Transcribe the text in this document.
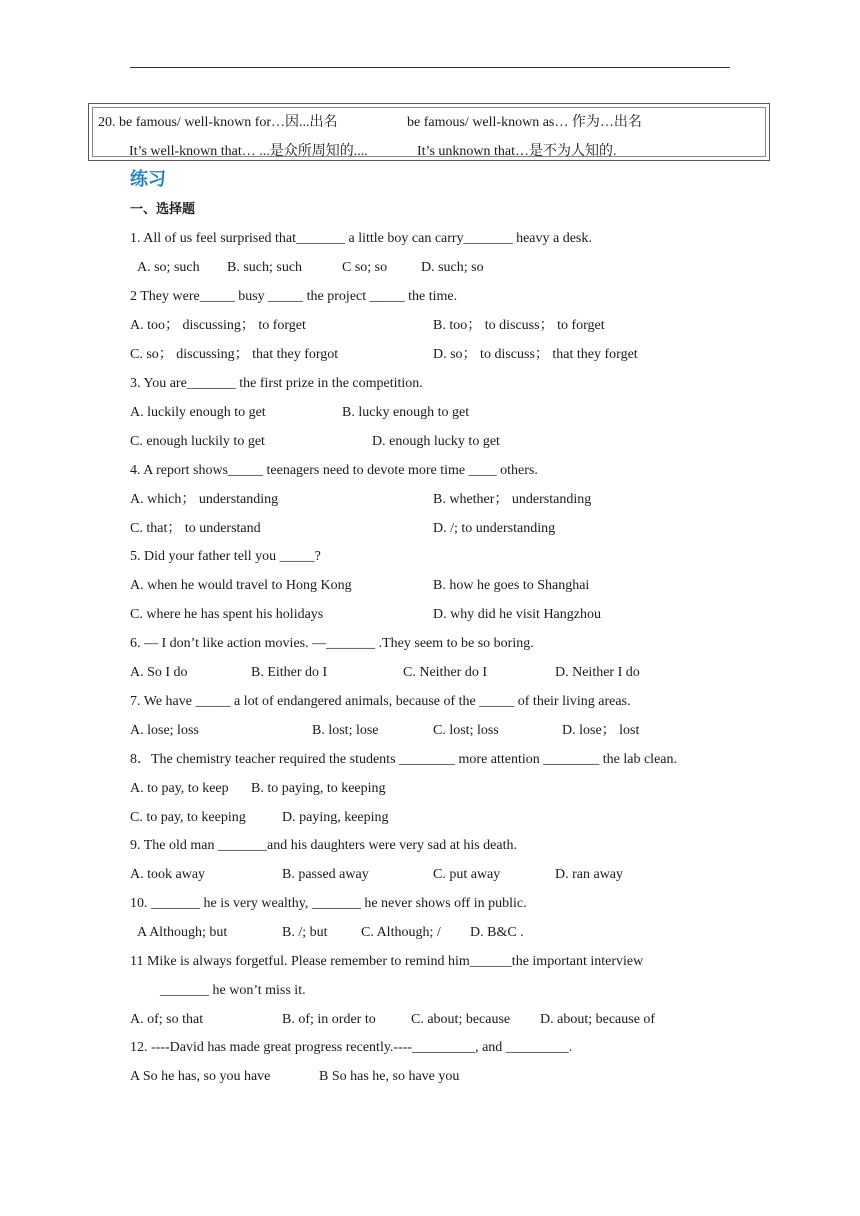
20. be famous/ well-known for…因...出名	be famous/ well-known as… 作为…出名
It’s well-known that… ...是众所周知的....	It’s unknown that…是不为人知的.
练习
一、选择题
1. All of us feel surprised that_______ a little boy can carry_______ heavy a desk.
A. so; such B. such; such	C so; so D. such; so
2 They were_____ busy _____ the project _____ the time.
A. too； discussing； to forget	B. too； to discuss； to forget
C. so； discussing； that they forgot	D. so； to discuss； that they forget
3. You are_______ the first prize in the competition.
A. luckily enough to get	B. lucky enough to get
C. enough luckily to get	D. enough lucky to get
4. A report shows_____ teenagers need to devote more time ____ others.
A. which； understanding	B. whether； understanding
C. that； to understand	D. /; to understanding
5. Did your father tell you _____?
A. when he would travel to Hong Kong	B. how he goes to Shanghai
C. where he has spent his holidays	D. why did he visit Hangzhou
6. — I don’t like action movies. —_______ .They seem to be so boring.
A. So I do	B. Either do I	C. Neither do I	D. Neither I do
7. We have _____ a lot of endangered animals, because of the _____ of their living areas.
A. lose; loss	B. lost; lose	C. lost; loss	D. lose； lost
8．The chemistry teacher required the students ________ more attention ________ the lab clean.
A. to pay, to keep B. to paying, to keeping
C. to pay, to keeping	D. paying, keeping
9. The old man _______and his daughters were very sad at his death.
A. took away	B. passed away	C. put away	D. ran away
10. _______ he is very wealthy, _______ he never shows off in public.
A Although; but	B. /; but C. Although; / D. B&C .
11 Mike is always forgetful. Please remember to remind him______the important interview
_______ he won’t miss it.
A. of; so that	B. of; in order to	C. about; because D. about; because of
12. ----David has made great progress recently.----_________, and _________.
A So he has, so you have	B So has he, so have you
